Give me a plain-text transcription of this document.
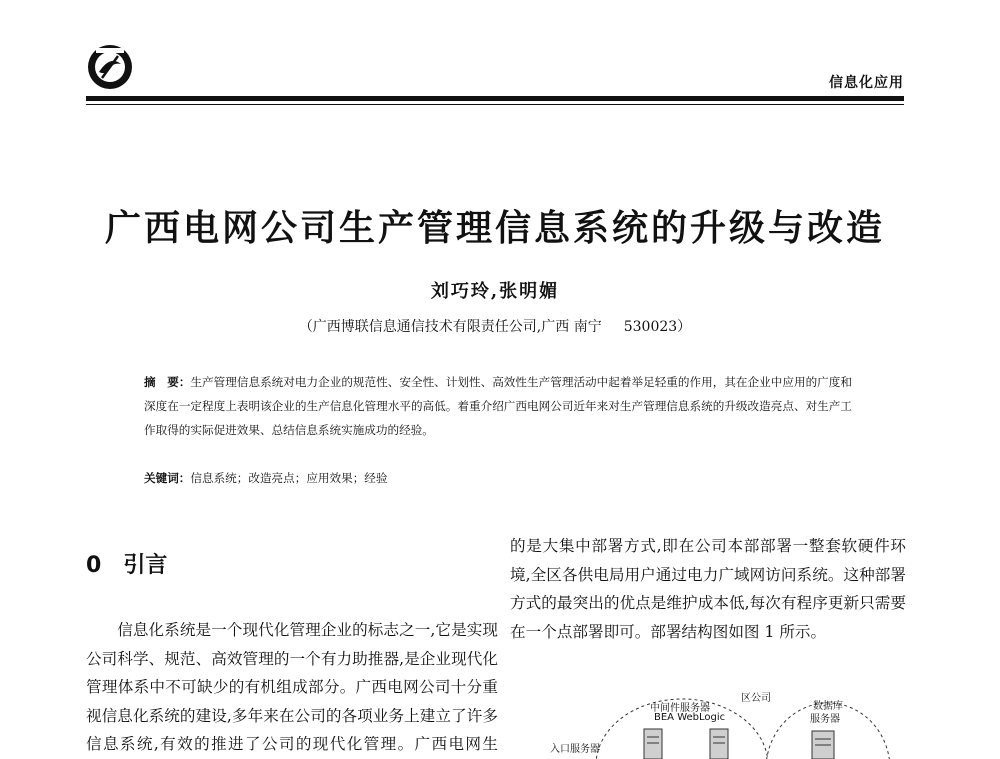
信息化应用
广西电网公司生产管理信息系统的升级与改造
刘巧玲,张明媚
（广西博联信息通信技术有限责任公司,广西 南宁 530023）
摘　要：生产管理信息系统对电力企业的规范性、安全性、计划性、高效性生产管理活动中起着举足轻重的作用，其在企业中应用的广度和深度在一定程度上表明该企业的生产信息化管理水平的高低。着重介绍广西电网公司近年来对生产管理信息系统的升级改造亮点、对生产工作取得的实际促进效果、总结信息系统实施成功的经验。
关键词：信息系统；改造亮点；应用效果；经验
0 引言
信息化系统是一个现代化管理企业的标志之一,它是实现公司科学、规范、高效管理的一个有力助推器,是企业现代化管理体系中不可缺少的有机组成部分。广西电网公司十分重视信息化系统的建设,多年来在公司的各项业务上建立了许多信息系统,有效的推进了公司的现代化管理。广西电网生
的是大集中部署方式,即在公司本部部署一整套软硬件环境,全区各供电局用户通过电力广域网访问系统。这种部署方式的最突出的优点是维护成本低,每次有程序更新只需要在一个点部署即可。部署结构图如图 1 所示。
区公司
中间件服务器
BEA WebLogic
数据库
服务器
入口服务器
